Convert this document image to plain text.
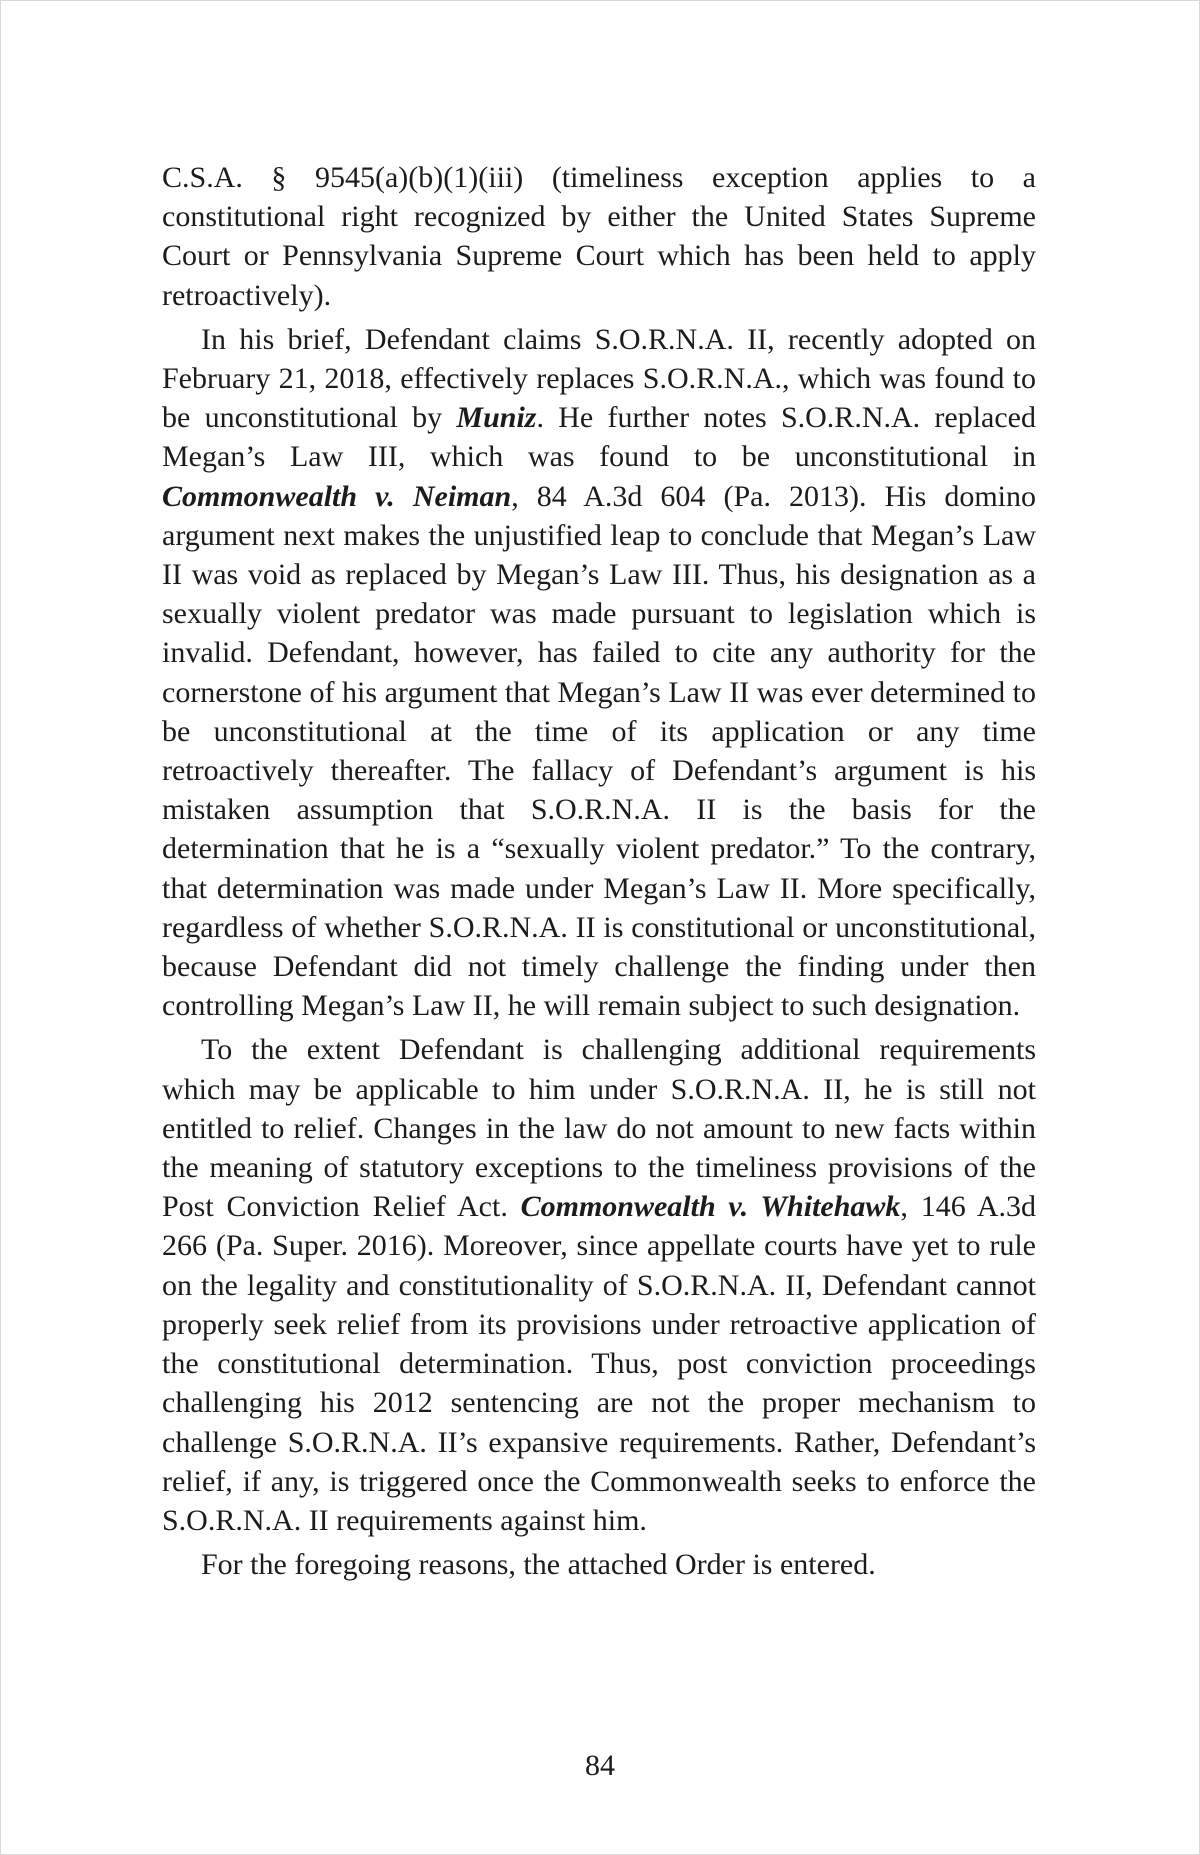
C.S.A. § 9545(a)(b)(1)(iii) (timeliness exception applies to a constitutional right recognized by either the United States Supreme Court or Pennsylvania Supreme Court which has been held to apply retroactively).

In his brief, Defendant claims S.O.R.N.A. II, recently adopted on February 21, 2018, effectively replaces S.O.R.N.A., which was found to be unconstitutional by Muniz. He further notes S.O.R.N.A. replaced Megan’s Law III, which was found to be unconstitutional in Commonwealth v. Neiman, 84 A.3d 604 (Pa. 2013). His domino argument next makes the unjustified leap to conclude that Megan’s Law II was void as replaced by Megan’s Law III. Thus, his designation as a sexually violent predator was made pursuant to legislation which is invalid. Defendant, however, has failed to cite any authority for the cornerstone of his argument that Megan’s Law II was ever determined to be unconstitutional at the time of its application or any time retroactively thereafter. The fallacy of Defendant’s argument is his mistaken assumption that S.O.R.N.A. II is the basis for the determination that he is a “sexually violent predator.” To the contrary, that determination was made under Megan’s Law II. More specifically, regardless of whether S.O.R.N.A. II is constitutional or unconstitutional, because Defendant did not timely challenge the finding under then controlling Megan’s Law II, he will remain subject to such designation.

To the extent Defendant is challenging additional requirements which may be applicable to him under S.O.R.N.A. II, he is still not entitled to relief. Changes in the law do not amount to new facts within the meaning of statutory exceptions to the timeliness provisions of the Post Conviction Relief Act. Commonwealth v. Whitehawk, 146 A.3d 266 (Pa. Super. 2016). Moreover, since appellate courts have yet to rule on the legality and constitutionality of S.O.R.N.A. II, Defendant cannot properly seek relief from its provisions under retroactive application of the constitutional determination. Thus, post conviction proceedings challenging his 2012 sentencing are not the proper mechanism to challenge S.O.R.N.A. II’s expansive requirements. Rather, Defendant’s relief, if any, is triggered once the Commonwealth seeks to enforce the S.O.R.N.A. II requirements against him.

For the foregoing reasons, the attached Order is entered.

84
